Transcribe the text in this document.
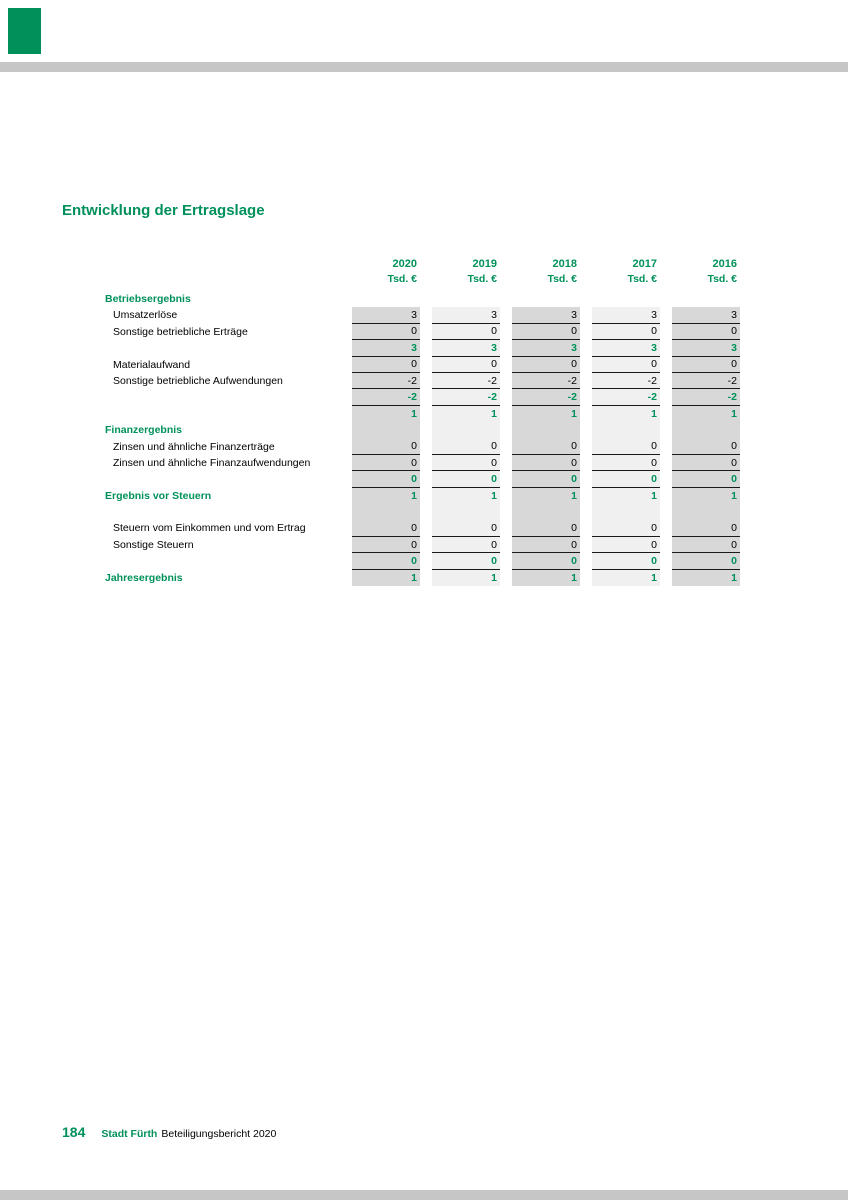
Entwicklung der Ertragslage
2020	2019	2018	2017	2016
Tsd. €	Tsd. €	Tsd. €	Tsd. €	Tsd. €
Betriebsergebnis
Umsatzerlöse	3	3	3	3	3
Sonstige betriebliche Erträge	0	0	0	0	0
3	3	3	3	3
Materialaufwand	0	0	0	0	0
Sonstige betriebliche Aufwendungen	-2	-2	-2	-2	-2
-2	-2	-2	-2	-2
1	1	1	1	1
Finanzergebnis
Zinsen und ähnliche Finanzerträge	0	0	0	0	0
Zinsen und ähnliche Finanzaufwendungen	0	0	0	0	0
0	0	0	0	0
Ergebnis vor Steuern	1	1	1	1	1
Steuern vom Einkommen und vom Ertrag	0	0	0	0	0
Sonstige Steuern	0	0	0	0	0
0	0	0	0	0
Jahresergebnis	1	1	1	1	1
184 Stadt Fürth Beteiligungsbericht 2020
